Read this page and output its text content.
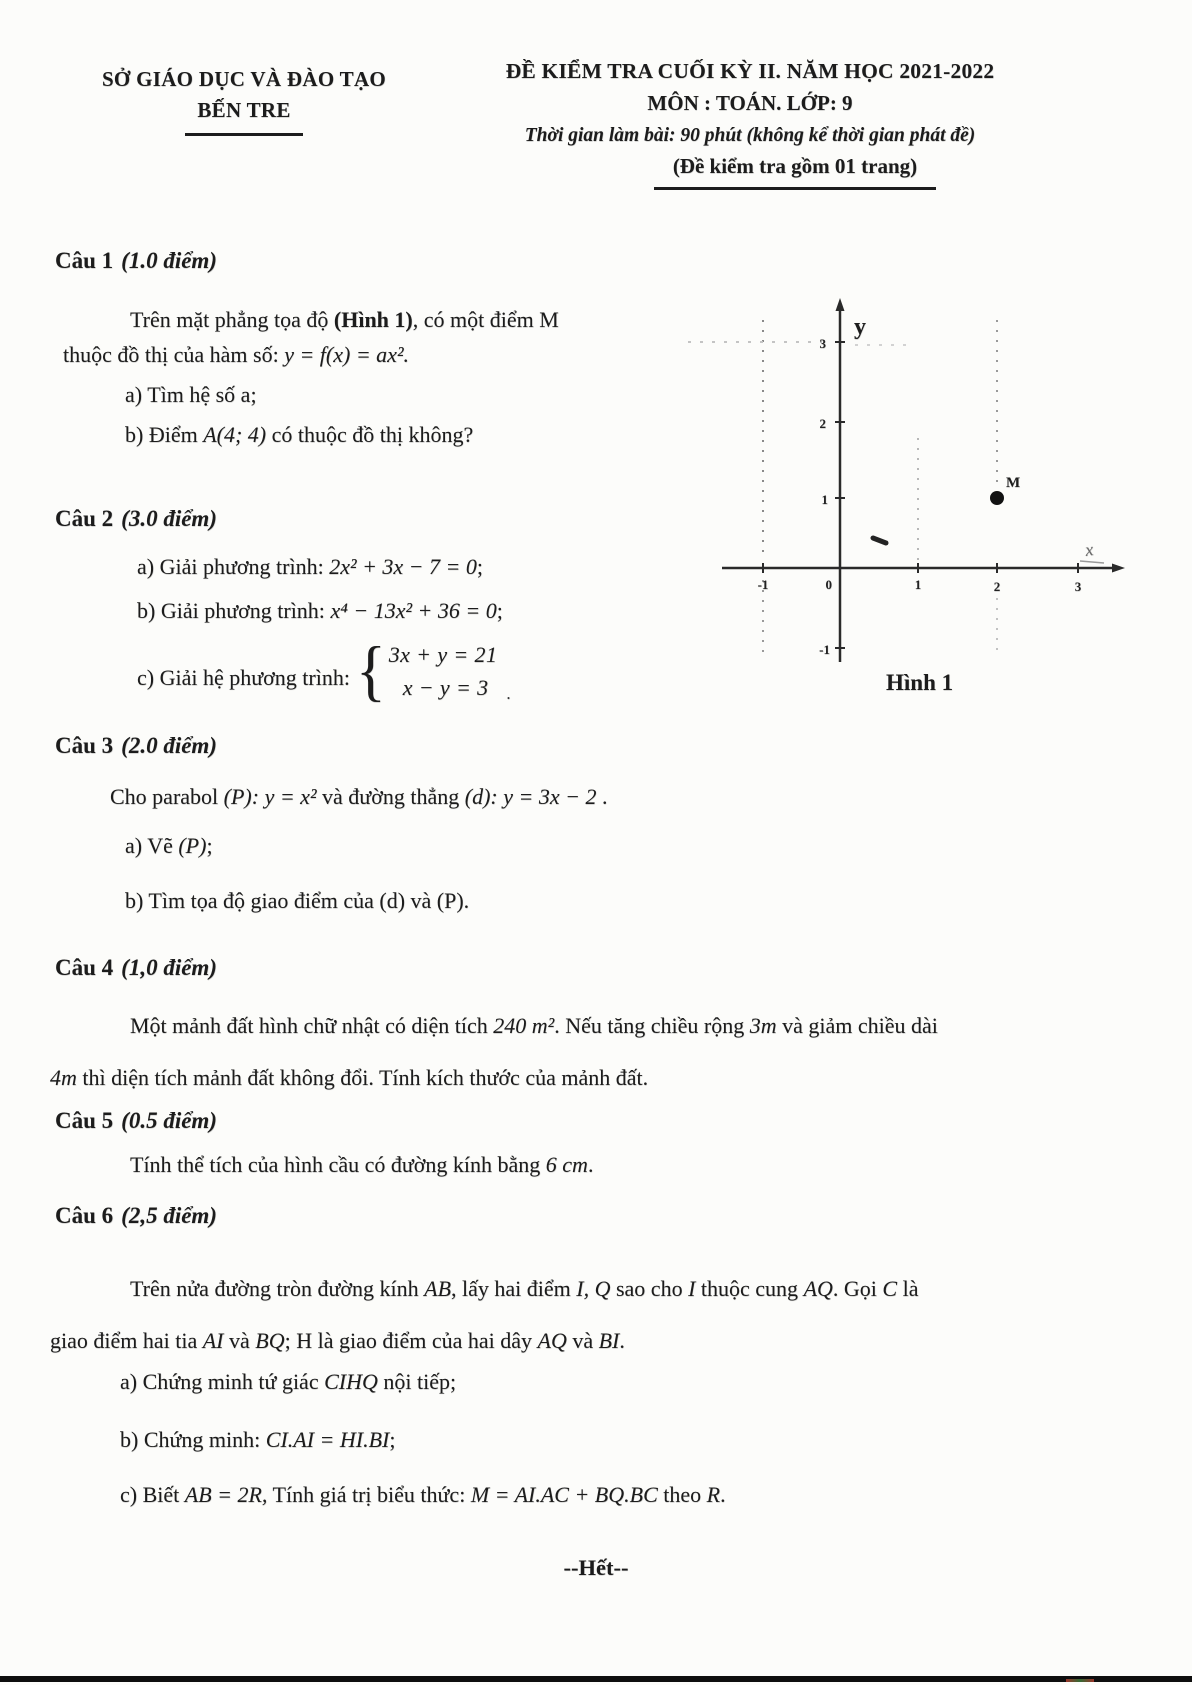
SỞ GIÁO DỤC VÀ ĐÀO TẠO
BẾN TRE
ĐỀ KIỂM TRA CUỐI KỲ II. NĂM HỌC 2021-2022
MÔN : TOÁN. LỚP: 9
Thời gian làm bài: 90 phút (không kể thời gian phát đề)
(Đề kiểm tra gồm 01 trang)

Câu 1 (1.0 điểm)

Trên mặt phẳng tọa độ (Hình 1), có một điểm M
thuộc đồ thị của hàm số: y = f(x) = ax².

a) Tìm hệ số a;

b) Điểm A(4; 4) có thuộc đồ thị không?

y
x
3
2
1
-1
-1	0	1	2	3
M
Hình 1

Câu 2 (3.0 điểm)

a) Giải phương trình: 2x² + 3x − 7 = 0;

b) Giải phương trình: x⁴ − 13x² + 36 = 0;

c) Giải hệ phương trình: { 3x + y = 21
x − y = 3	.

Câu 3 (2.0 điểm)

Cho parabol (P): y = x² và đường thẳng (d): y = 3x − 2 .

a) Vẽ (P);

b) Tìm tọa độ giao điểm của (d) và (P).

Câu 4 (1,0 điểm)

Một mảnh đất hình chữ nhật có diện tích 240 m². Nếu tăng chiều rộng 3m và giảm chiều dài
4m thì diện tích mảnh đất không đổi. Tính kích thước của mảnh đất.

Câu 5 (0.5 điểm)

Tính thể tích của hình cầu có đường kính bằng 6 cm.

Câu 6 (2,5 điểm)

Trên nửa đường tròn đường kính AB, lấy hai điểm I, Q sao cho I thuộc cung AQ. Gọi C là
giao điểm hai tia AI và BQ; H là giao điểm của hai dây AQ và BI.

a) Chứng minh tứ giác CIHQ nội tiếp;

b) Chứng minh: CI.AI = HI.BI;

c) Biết AB = 2R, Tính giá trị biểu thức: M = AI.AC + BQ.BC theo R.

--Hết--
